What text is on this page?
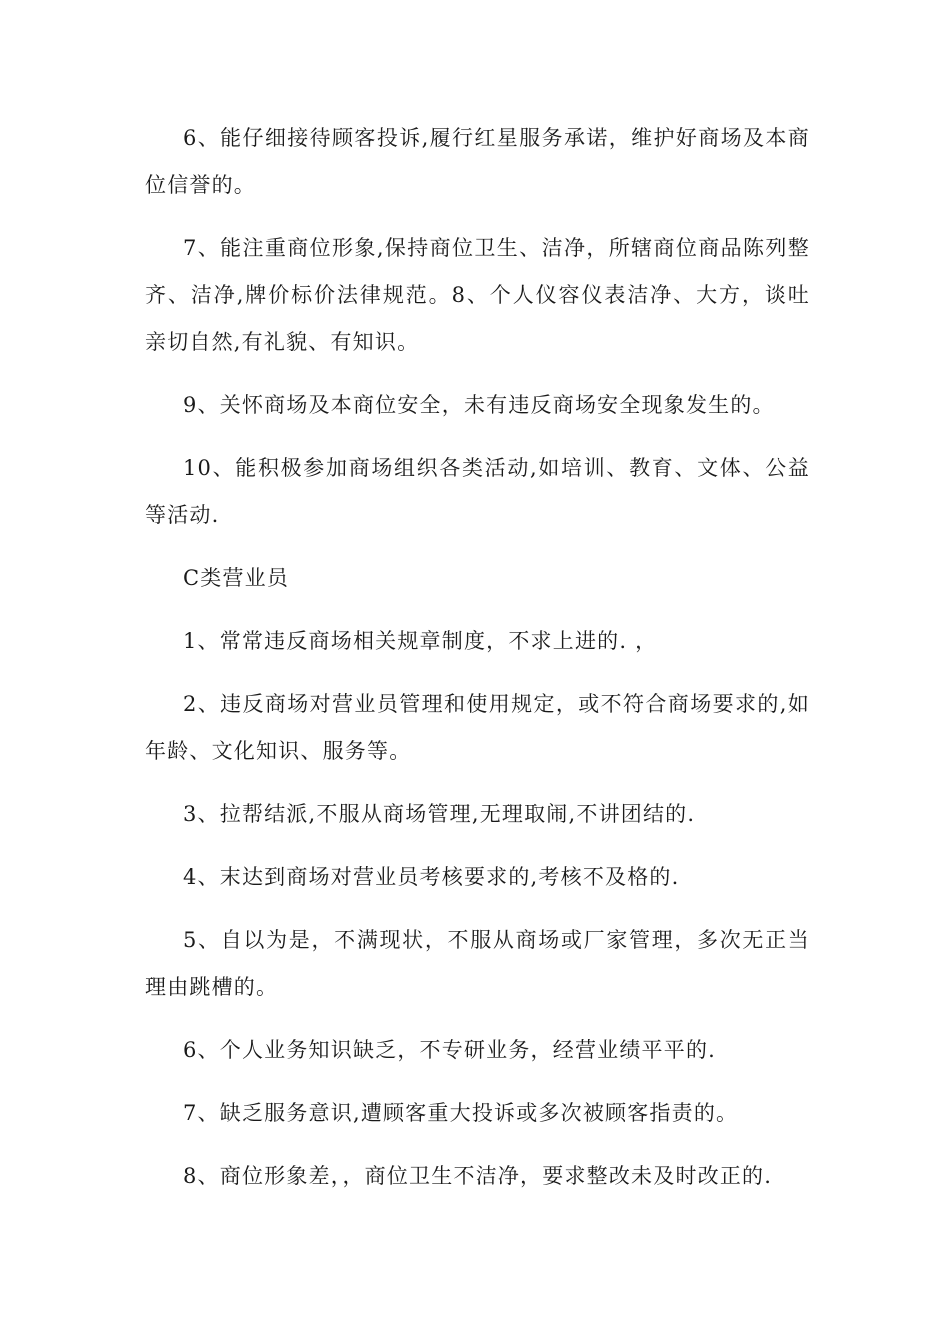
6、能仔细接待顾客投诉,履行红星服务承诺，维护好商场及本商位信誉的。

7、能注重商位形象,保持商位卫生、洁净，所辖商位商品陈列整齐、洁净,牌价标价法律规范。8、个人仪容仪表洁净、大方，谈吐亲切自然,有礼貌、有知识。

9、关怀商场及本商位安全，未有违反商场安全现象发生的。

10、能积极参加商场组织各类活动,如培训、教育、文体、公益等活动.

C类营业员

1、常常违反商场相关规章制度，不求上进的. ，

2、违反商场对营业员管理和使用规定，或不符合商场要求的,如年龄、文化知识、服务等。

3、拉帮结派,不服从商场管理,无理取闹,不讲团结的.

4、末达到商场对营业员考核要求的,考核不及格的.

5、自以为是，不满现状，不服从商场或厂家管理，多次无正当理由跳槽的。

6、个人业务知识缺乏，不专研业务，经营业绩平平的.

7、缺乏服务意识,遭顾客重大投诉或多次被顾客指责的。

8、商位形象差，，商位卫生不洁净，要求整改未及时改正的.
